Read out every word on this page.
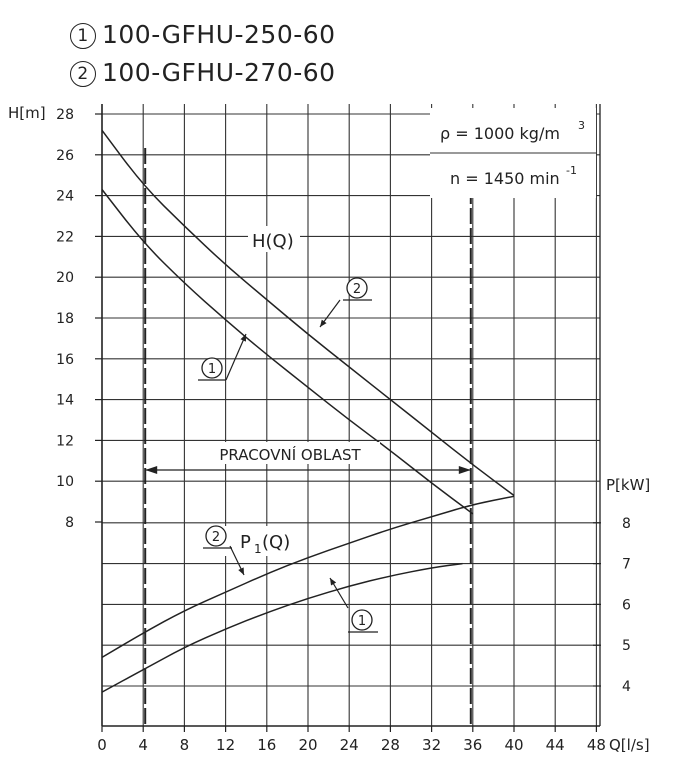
1 100-GFHU-250-60
2 100-GFHU-270-60
8
10
12
14
16
18
20
22
24
26
28
4
5
6
7
8
0 4 8 12 16 20 24 28 32 36 40 44 48
H[m]
P[kW]
Q[l/s]
PRACOVNÍ OBLAST
ρ = 1000 kg/m 3
n = 1450 min -1
H(Q)
P 1 (Q)
2
1
2
1
